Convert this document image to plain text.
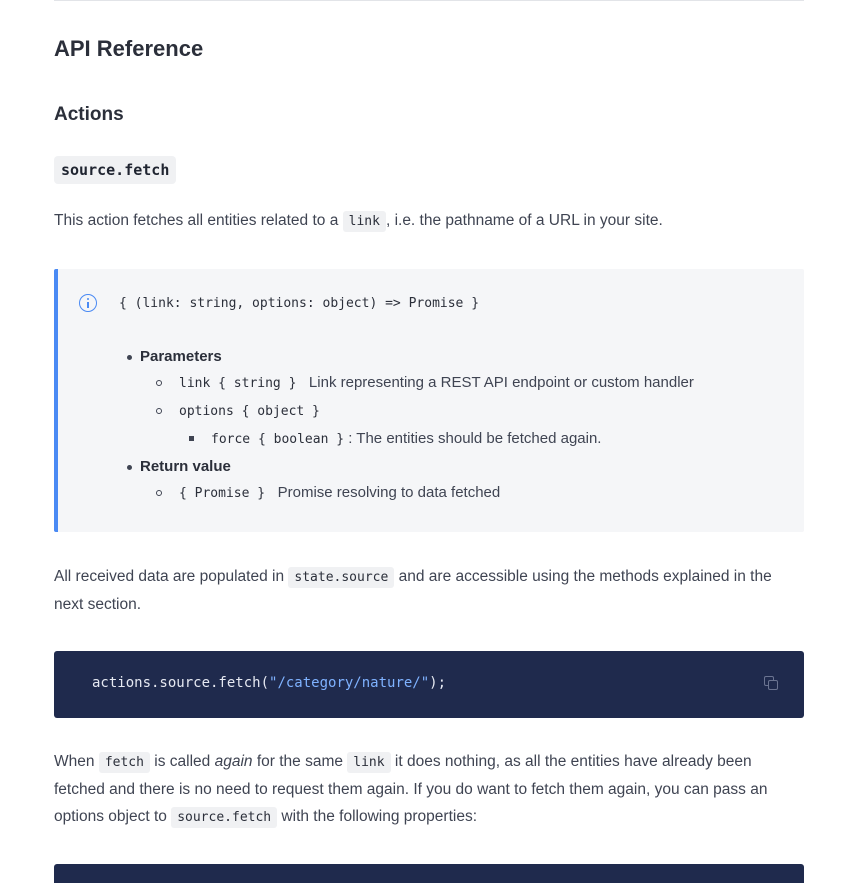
API Reference
Actions
source.fetch

This action fetches all entities related to a link , i.e. the pathname of a URL in your site.

{ (link: string, options: object) => Promise }
Parameters
link { string } Link representing a REST API endpoint or custom handler
options { object }
force { boolean } : The entities should be fetched again.
Return value
{ Promise } Promise resolving to data fetched

All received data are populated in state.source and are accessible using the methods explained in the next section.

actions.source.fetch("/category/nature/");

When fetch is called again for the same link it does nothing, as all the entities have already been fetched and there is no need to request them again. If you do want to fetch them again, you can pass an options object to source.fetch with the following properties:
